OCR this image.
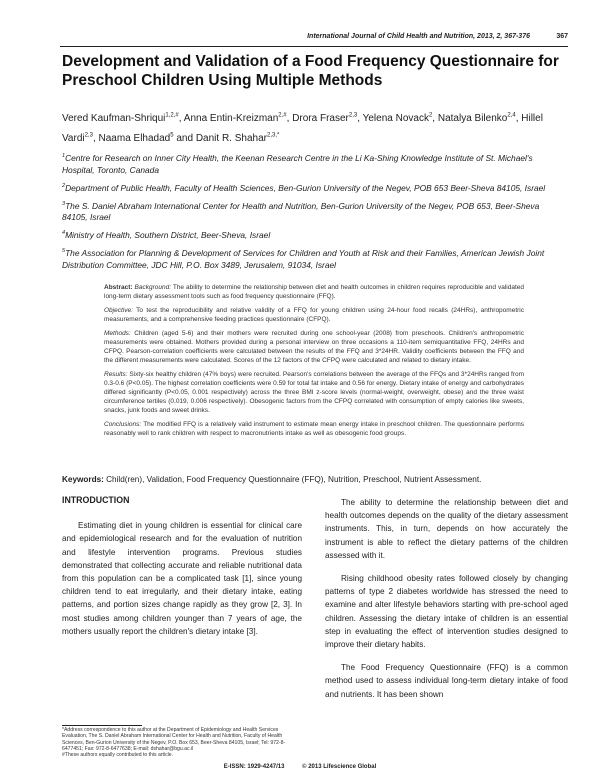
International Journal of Child Health and Nutrition, 2013, 2, 367-376	367
Development and Validation of a Food Frequency Questionnaire for Preschool Children Using Multiple Methods
Vered Kaufman-Shriqui$^{1,2,\#}$, Anna Entin-Kreizman$^{2,\#}$, Drora Fraser$^{2,3}$, Yelena Novack$^2$, Natalya Bilenko$^{2,4}$, Hillel Vardi$^{2,3}$, Naama Elhadad$^5$ and Danit R. Shahar$^{2,3,*}$

$^1$Centre for Research on Inner City Health, the Keenan Research Centre in the Li Ka-Shing Knowledge Institute of St. Michael's Hospital, Toronto, Canada

$^2$Department of Public Health, Faculty of Health Sciences, Ben-Gurion University of the Negev, POB 653 Beer-Sheva 84105, Israel

$^3$The S. Daniel Abraham International Center for Health and Nutrition, Ben-Gurion University of the Negev, POB 653, Beer-Sheva 84105, Israel

$^4$Ministry of Health, Southern District, Beer-Sheva, Israel

$^5$The Association for Planning & Development of Services for Children and Youth at Risk and their Families, American Jewish Joint Distribution Committee, JDC Hill, P.O. Box 3489, Jerusalem, 91034, Israel

Abstract: Background: The ability to determine the relationship between diet and health outcomes in children requires reproducible and validated long-term dietary assessment tools such as food frequency questionnaire (FFQ).

Objective: To test the reproducibility and relative validity of a FFQ for young children using 24-hour food recalls (24HRs), anthropometric measurements, and a comprehensive feeding practices questionnaire (CFPQ).

Methods: Children (aged 5-6) and their mothers were recruited during one school-year (2008) from preschools. Children's anthropometric measurements were obtained. Mothers provided during a personal interview on three occasions a 110-item semiquantitative FFQ, 24HRs and CFPQ. Pearson-correlation coefficients were calculated between the results of the FFQ and 3*24HR. Validity coefficients between the FFQ and the different measurements were calculated. Scores of the 12 factors of the CFPQ were calculated and related to dietary intake.

Results: Sixty-six healthy children (47% boys) were recruited. Pearson's correlations between the average of the FFQs and 3*24HRs ranged from 0.3-0.6 (P<0.05). The highest correlation coefficients were 0.59 for total fat intake and 0.56 for energy. Dietary intake of energy and carbohydrates differed significantly (P<0.05, 0.001 respectively) across the three BMI z-score levels (normal-weight, overweight, obese) and the three waist circumference tertiles (0.019, 0.006 respectively). Obesogenic factors from the CFPQ correlated with consumption of empty calories like sweets, snacks, junk foods and sweet drinks.

Conclusions: The modified FFQ is a relatively valid instrument to estimate mean energy intake in preschool children. The questionnaire performs reasonably well to rank children with respect to macronutrients intake as well as obesogenic food groups.

Keywords: Child(ren), Validation, Food Frequency Questionnaire (FFQ), Nutrition, Preschool, Nutrient Assessment.

INTRODUCTION

Estimating diet in young children is essential for clinical care and epidemiological research and for the evaluation of nutrition and lifestyle intervention programs. Previous studies demonstrated that collecting accurate and reliable nutritional data from this population can be a complicated task [1], since young children tend to eat irregularly, and their dietary intake, eating patterns, and portion sizes change rapidly as they grow [2, 3]. In most studies among children younger than 7 years of age, the mothers usually report the children's dietary intake [3].

The ability to determine the relationship between diet and health outcomes depends on the quality of the dietary assessment instruments. This, in turn, depends on how accurately the instrument is able to reflect the dietary patterns of the children assessed with it.

Rising childhood obesity rates followed closely by changing patterns of type 2 diabetes worldwide has stressed the need to examine and alter lifestyle behaviors starting with pre-school aged children. Assessing the dietary intake of children is an essential step in evaluating the effect of intervention studies designed to improve their dietary habits.

The Food Frequency Questionnaire (FFQ) is a common method used to assess individual long-term dietary intake of food and nutrients. It has been shown

*Address correspondence to this author at the Department of Epidemiology and Health Services Evaluation, The S. Daniel Abraham International Center for Health and Nutrition, Faculty of Health Sciences, Ben-Gurion University of the Negev, P.O. Box 653, Beer-Sheva 84105, Israel; Tel: 972-8-6477451; Fax: 972-8-6477638; E-mail: dshahar@bgu.ac.il

#These authors equally contributed to this article.

E-ISSN: 1929-4247/13	© 2013 Lifescience Global
